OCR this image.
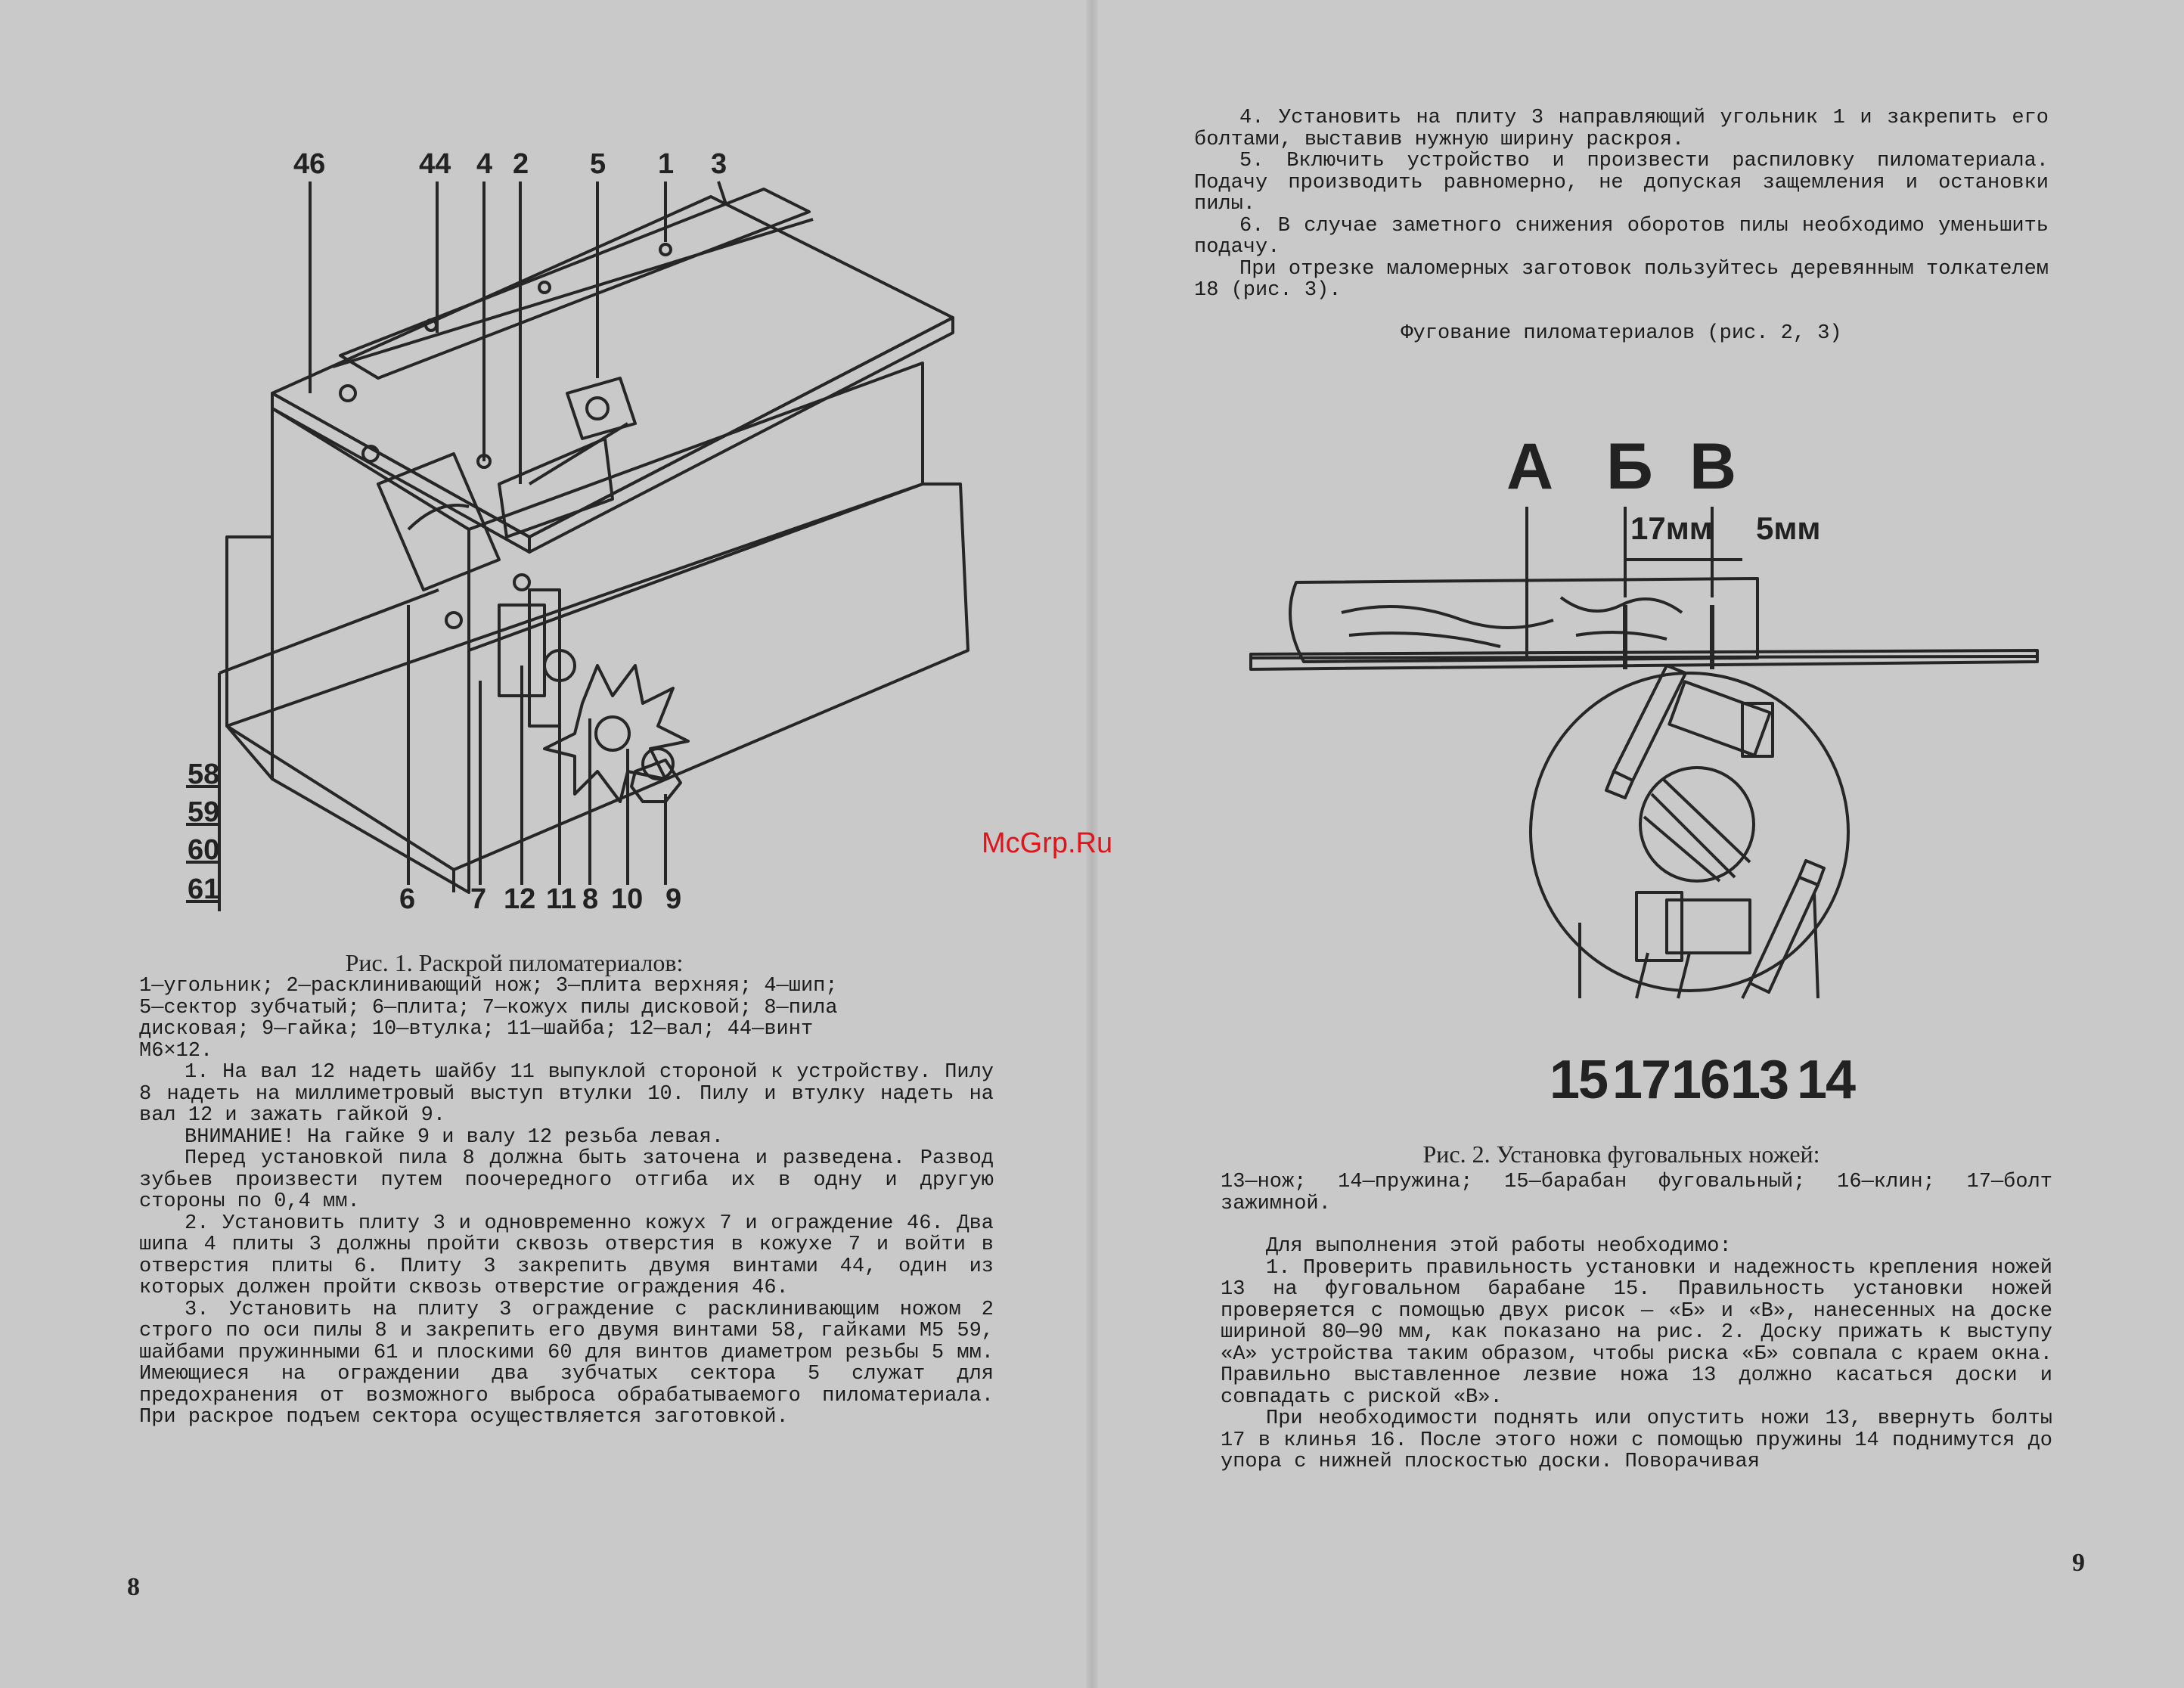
46	44 4 2 5 1 3
58
59
60
61	6 7 12 11 8 10 9
Рис. 1. Раскрой пиломатериалов:

1—угольник; 2—расклинивающий нож; 3—плита верхняя; 4—шип;

5—сектор зубчатый; 6—плита; 7—кожух пилы дисковой; 8—пила

дисковая; 9—гайка; 10—втулка; 11—шайба; 12—вал; 44—винт

М6×12.

1. На вал 12 надеть шайбу 11 выпуклой стороной к устройству. Пилу 8 надеть на миллиметровый выступ втулки 10. Пилу и втулку надеть на вал 12 и зажать гайкой 9.

ВНИМАНИЕ! На гайке 9 и валу 12 резьба левая.

Перед установкой пила 8 должна быть заточена и разведена. Развод зубьев произвести путем поочередного отгиба их в одну и другую стороны по 0,4 мм.

2. Установить плиту 3 и одновременно кожух 7 и ограждение 46. Два шипа 4 плиты 3 должны пройти сквозь отверстия в кожухе 7 и войти в отверстия плиты 6. Плиту 3 закрепить двумя винтами 44, один из которых должен пройти сквозь отверстие ограждения 46.

3. Установить на плиту 3 ограждение с расклинивающим ножом 2 строго по оси пилы 8 и закрепить его двумя винтами 58, гайками М5 59, шайбами пружинными 61 и плоскими 60 для винтов диаметром резьбы 5 мм. Имеющиеся на ограждении два зубчатых сектора 5 служат для предохранения от возможного выброса обрабатываемого пиломатериала. При раскрое подъем сектора осуществляется заготовкой.

8

4. Установить на плиту 3 направляющий угольник 1 и закрепить его болтами, выставив нужную ширину раскроя.

5. Включить устройство и произвести распиловку пиломатериала. Подачу производить равномерно, не допуская защемления и остановки пилы.

6. В случае заметного снижения оборотов пилы необходимо уменьшить подачу.

При отрезке маломерных заготовок пользуйтесь деревянным толкателем 18 (рис. 3).

Фугование пиломатериалов (рис. 2, 3)

А Б В
17мм 5мм
15 17 16 13 14
Рис. 2. Установка фуговальных ножей:

13—нож; 14—пружина; 15—барабан фуговальный; 16—клин; 17—болт зажимной.

Для выполнения этой работы необходимо:

1. Проверить правильность установки и надежность крепления ножей 13 на фуговальном барабане 15. Правильность установки ножей проверяется с помощью двух рисок — «Б» и «В», нанесенных на доске шириной 80—90 мм, как показано на рис. 2. Доску прижать к выступу «А» устройства таким образом, чтобы риска «Б» совпала с краем окна. Правильно выставленное лезвие ножа 13 должно касаться доски и совпадать с риской «В».

При необходимости поднять или опустить ножи 13, ввернуть болты 17 в клинья 16. После этого ножи с помощью пружины 14 поднимутся до упора с нижней плоскостью доски. Поворачивая

9
McGrp.Ru
